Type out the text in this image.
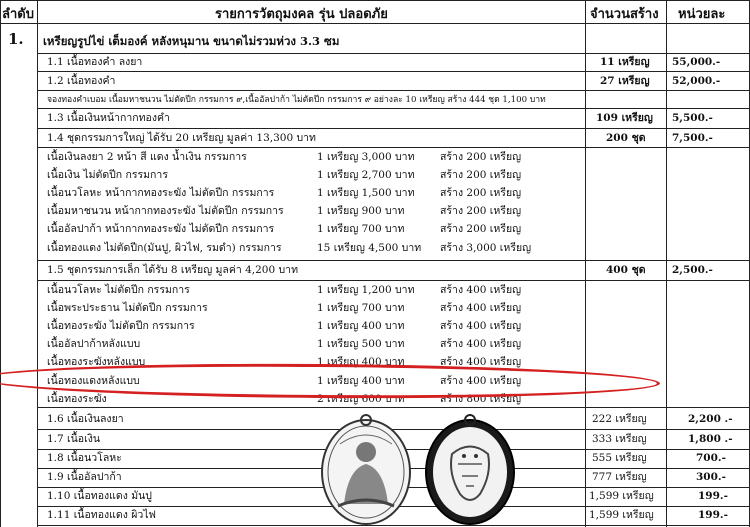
ลำดับ	รายการวัตถุมงคล รุ่น ปลอดภัย	จำนวนสร้าง หน่วยละ
1. เหรียญรูปไข่ เต็มองค์ หลังหนุมาน ขนาดไม่รวมห่วง 3.3 ซม
1.1 เนื้อทองคำ ลงยา	11 เหรียญ 55,000.-
1.2 เนื้อทองคำ	27 เหรียญ 52,000.-
จองทองคำเบอม เนื้อมหาชนวน ไม่ตัดปีก กรรมการ ๙,เนื้ออัลปาก้า ไม่ตัดปีก กรรมการ ๙ อย่างละ 10 เหรียญ สร้าง 444 ชุด 1,100 บาท
1.3 เนื้อเงินหน้ากากทองคำ	109 เหรียญ 5,500.-
1.4 ชุดกรรมการใหญ่ ได้รับ 20 เหรียญ มูลค่า 13,300 บาท	200 ชุด	7,500.-
เนื้อเงินลงยา 2 หน้า สี แดง น้ำเงิน กรรมการ	1 เหรียญ 3,000 บาท สร้าง 200 เหรียญ
เนื้อเงิน ไม่ตัดปีก กรรมการ	1 เหรียญ 2,700 บาท สร้าง 200 เหรียญ
เนื้อนวโลหะ หน้ากากทองระฆัง ไม่ตัดปีก กรรมการ	1 เหรียญ 1,500 บาท สร้าง 200 เหรียญ
เนื้อมหาชนวน หน้ากากทองระฆัง ไม่ตัดปีก กรรมการ	1 เหรียญ 900 บาท	สร้าง 200 เหรียญ
เนื้ออัลปาก้า หน้ากากทองระฆัง ไม่ตัดปีก กรรมการ	1 เหรียญ 700 บาท	สร้าง 200 เหรียญ
เนื้อทองแดง ไม่ตัดปีก(มันปู, ผิวไฟ, รมดำ) กรรมการ	15 เหรียญ 4,500 บาท สร้าง 3,000 เหรียญ
1.5 ชุดกรรมการเล็ก ได้รับ 8 เหรียญ มูลค่า 4,200 บาท	400 ชุด	2,500.-
เนื้อนวโลหะ ไม่ตัดปีก กรรมการ	1 เหรียญ 1,200 บาท สร้าง 400 เหรียญ
เนื้อพระประธาน ไม่ตัดปีก กรรมการ	1 เหรียญ 700 บาท	สร้าง 400 เหรียญ
เนื้อทองระฆัง ไม่ตัดปีก กรรมการ	1 เหรียญ 400 บาท	สร้าง 400 เหรียญ
เนื้ออัลปาก้าหลังแบบ	1 เหรียญ 500 บาท	สร้าง 400 เหรียญ
เนื้อทองระฆังหลังแบบ	1 เหรียญ 400 บาท	สร้าง 400 เหรียญ
เนื้อทองแดงหลังแบบ	1 เหรียญ 400 บาท	สร้าง 400 เหรียญ
เนื้อทองระฆัง	2 เหรียญ 600 บาท	สร้าง 800 เหรียญ
1.6 เนื้อเงินลงยา	222 เหรียญ	2,200 .-
1.7 เนื้อเงิน	333 เหรียญ	1,800 .-
1.8 เนื้อนวโลหะ	555 เหรียญ	700.-
1.9 เนื้ออัลปาก้า	777 เหรียญ	300.-
1.10 เนื้อทองแดง มันปู	1,599 เหรียญ	199.-
1.11 เนื้อทองแดง ผิวไฟ	1,599 เหรียญ	199.-
